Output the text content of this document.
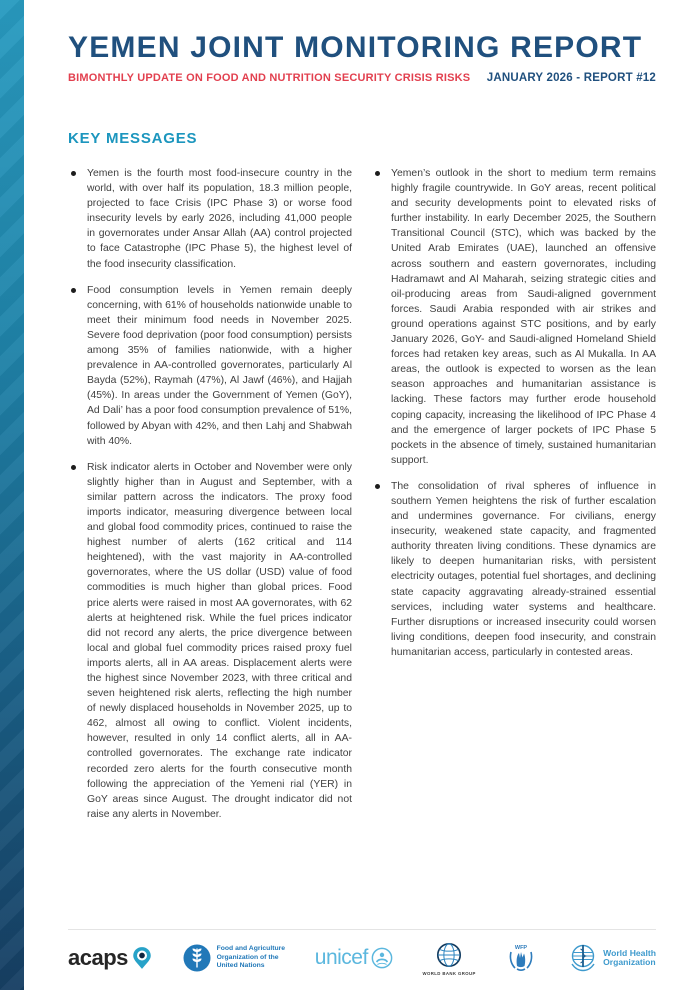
YEMEN JOINT MONITORING REPORT
BIMONTHLY UPDATE ON FOOD AND NUTRITION SECURITY CRISIS RISKS JANUARY 2026 - REPORT #12
KEY MESSAGES

Yemen is the fourth most food-insecure country in the world, with over half its population, 18.3 million people, projected to face Crisis (IPC Phase 3) or worse food insecurity levels by early 2026, including 41,000 people in governorates under Ansar Allah (AA) control projected to face Catastrophe (IPC Phase 5), the highest level of the food insecurity classification.

Food consumption levels in Yemen remain deeply concerning, with 61% of households nationwide unable to meet their minimum food needs in November 2025. Severe food deprivation (poor food consumption) persists among 35% of families nationwide, with a higher prevalence in AA-controlled governorates, particularly Al Bayda (52%), Raymah (47%), Al Jawf (46%), and Hajjah (45%). In areas under the Government of Yemen (GoY), Ad Dali’ has a poor food consumption prevalence of 51%, followed by Abyan with 42%, and then Lahj and Shabwah with 40%.

Risk indicator alerts in October and November were only slightly higher than in August and September, with a similar pattern across the indicators. The proxy food imports indicator, measuring divergence between local and global food commodity prices, continued to raise the highest number of alerts (162 critical and 114 heightened), with the vast majority in AA-controlled governorates, where the US dollar (USD) value of food commodities is much higher than global prices. Food price alerts were raised in most AA governorates, with 62 alerts at heightened risk. While the fuel prices indicator did not record any alerts, the price divergence between local and global fuel commodity prices raised proxy fuel imports alerts, all in AA areas. Displacement alerts were the highest since November 2023, with three critical and seven heightened risk alerts, reflecting the high number of newly displaced households in November 2025, up to 462, almost all owing to conflict. Violent incidents, however, resulted in only 14 conflict alerts, all in AA-controlled governorates. The exchange rate indicator recorded zero alerts for the fourth consecutive month following the appreciation of the Yemeni rial (YER) in GoY areas since August. The drought indicator did not raise any alerts in November.

Yemen’s outlook in the short to medium term remains highly fragile countrywide. In GoY areas, recent political and security developments point to elevated risks of further instability. In early December 2025, the Southern Transitional Council (STC), which was backed by the United Arab Emirates (UAE), launched an offensive across southern and eastern governorates, including Hadramawt and Al Maharah, seizing strategic cities and oil-producing areas from Saudi-aligned government forces. Saudi Arabia responded with air strikes and ground operations against STC positions, and by early January 2026, GoY- and Saudi-aligned Homeland Shield forces had retaken key areas, such as Al Mukalla. In AA areas, the outlook is expected to worsen as the lean season approaches and humanitarian assistance is lacking. These factors may further erode household coping capacity, increasing the likelihood of IPC Phase 4 and the emergence of larger pockets of IPC Phase 5 pockets in the absence of timely, sustained humanitarian support.

The consolidation of rival spheres of influence in southern Yemen heightens the risk of further escalation and undermines governance. For civilians, energy insecurity, weakened state capacity, and fragmented authority threaten living conditions. These dynamics are likely to deepen humanitarian risks, with persistent electricity outages, potential fuel shortages, and declining state capacity aggravating already-strained essential services, including water systems and healthcare. Further disruptions or increased insecurity could worsen living conditions, deepen food insecurity, and constrain humanitarian access, particularly in contested areas.

acaps	Food and Agriculture
Organization of the
United Nations	unicef
WORLD BANK GROUP
WFP	World Health
Organization
